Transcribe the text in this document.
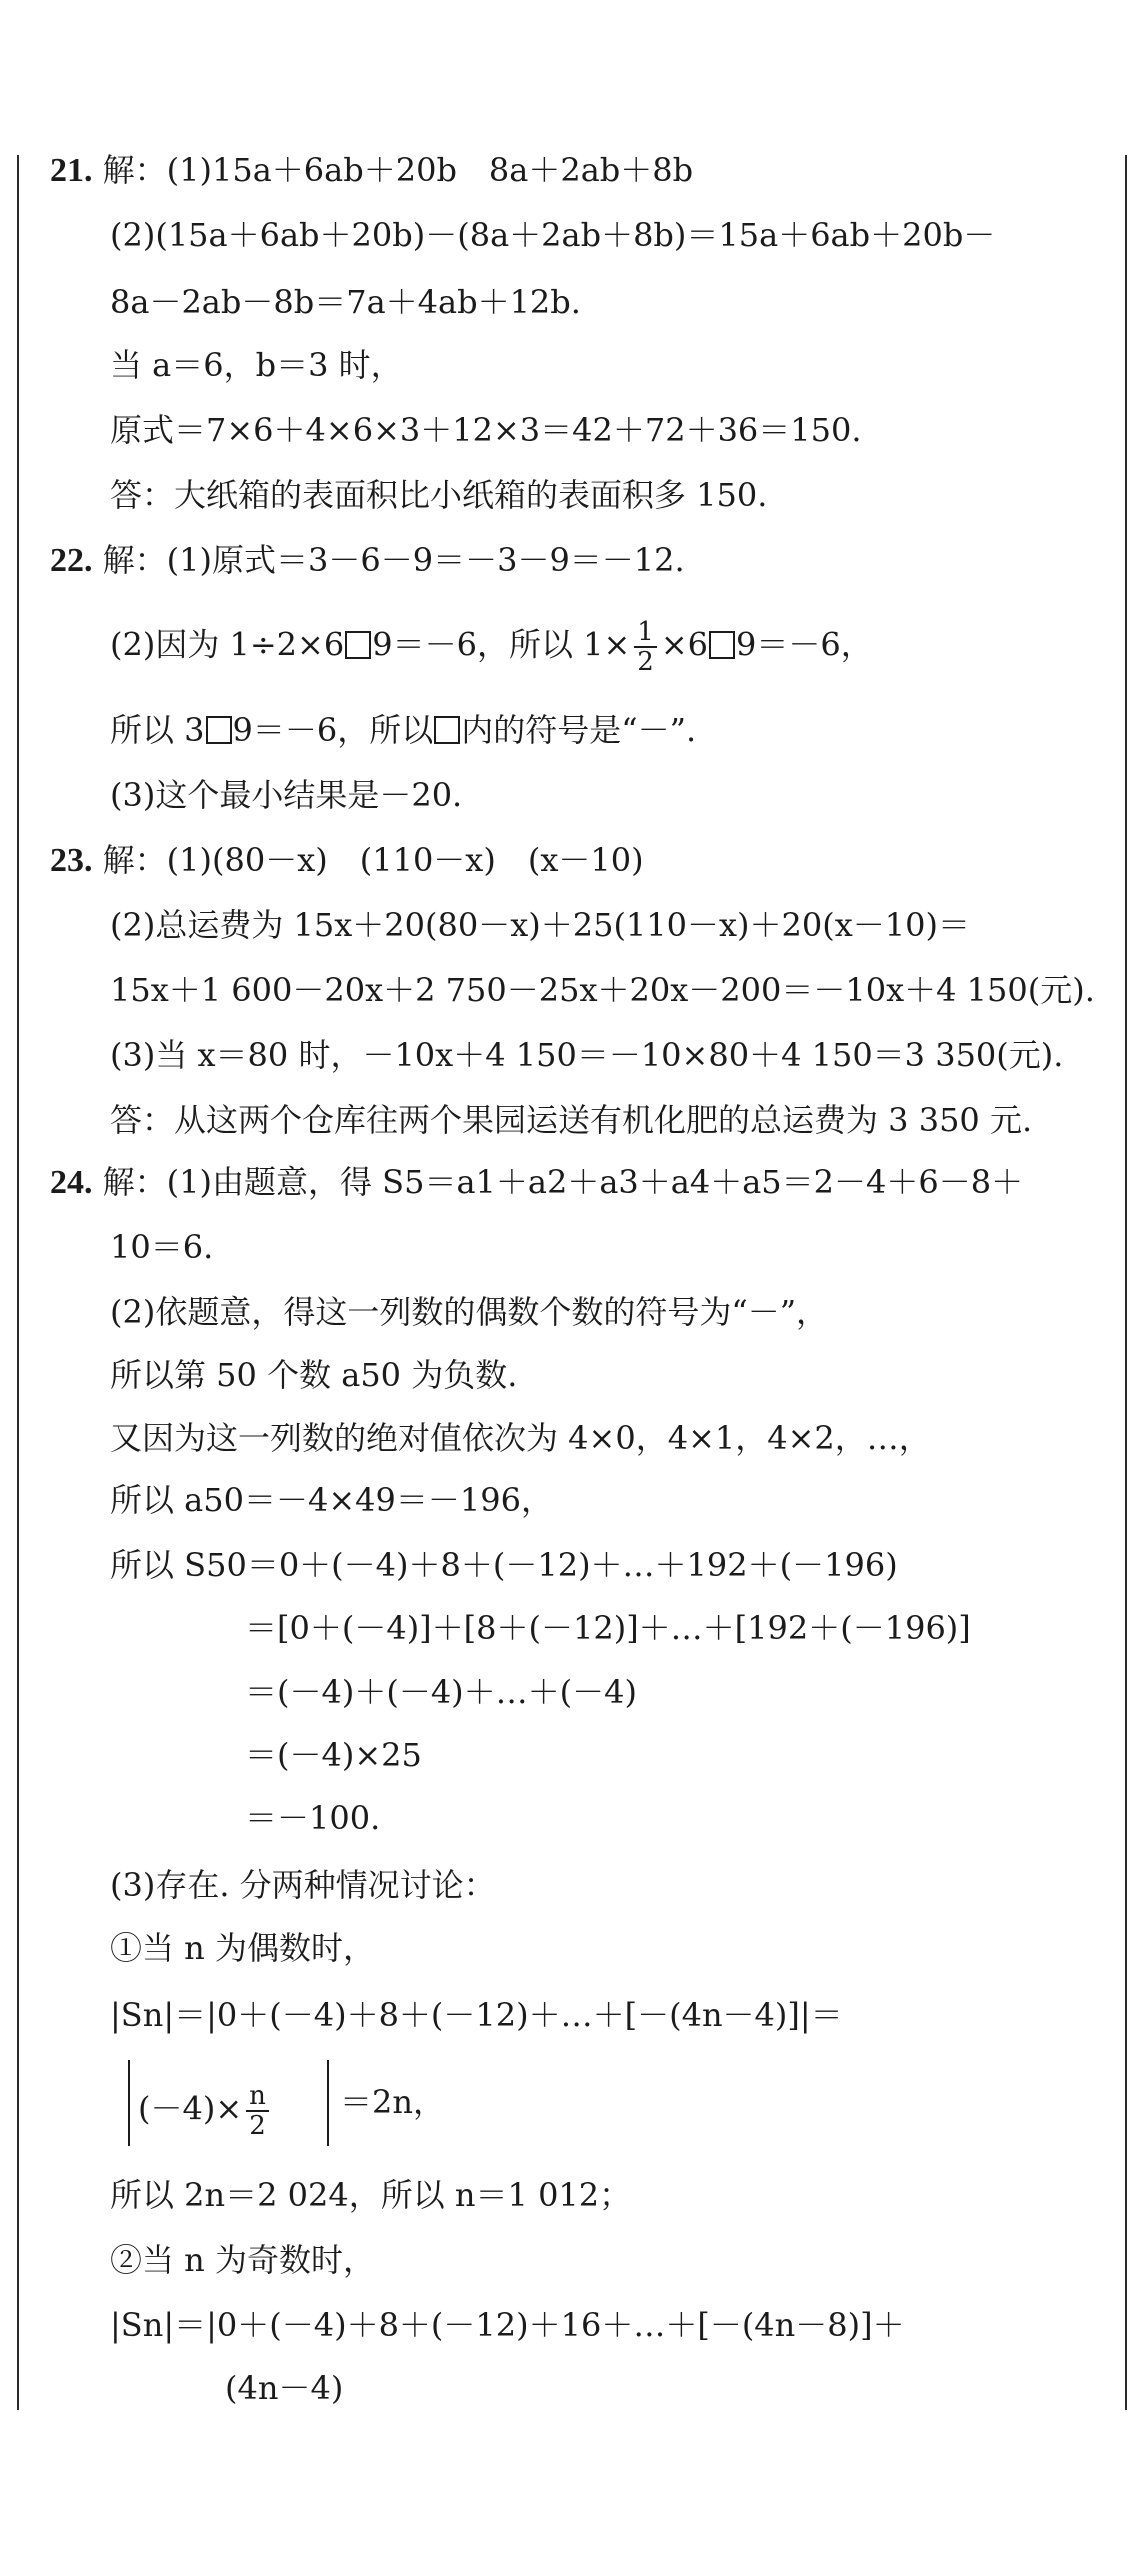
21. 解：(1)15a＋6ab＋20b　8a＋2ab＋8b
(2)(15a＋6ab＋20b)－(8a＋2ab＋8b)＝15a＋6ab＋20b－
8a－2ab－8b＝7a＋4ab＋12b.
当 a＝6，b＝3 时，
原式＝7×6＋4×6×3＋12×3＝42＋72＋36＝150.
答：大纸箱的表面积比小纸箱的表面积多 150.
22. 解：(1)原式＝3－6－9＝－3－9＝－12.
(2)因为 1÷2×6 9＝－6，所以 $1\times \frac{1}{2} \times 6$ 9＝－6，
所以 3 9＝－6，所以 内的符号是“－”.
(3)这个最小结果是－20.
23. 解：(1)(80－x)　(110－x)　(x－10)
(2)总运费为 15x＋20(80－x)＋25(110－x)＋20(x－10)＝
15x＋1 600－20x＋2 750－25x＋20x－200＝－10x＋4 150(元).
(3)当 x＝80 时，－10x＋4 150＝－10×80＋4 150＝3 350(元).
答：从这两个仓库往两个果园运送有机化肥的总运费为 3 350 元.
24. 解：(1)由题意，得 S5＝a1＋a2＋a3＋a4＋a5＝2－4＋6－8＋
10＝6.
(2)依题意，得这一列数的偶数个数的符号为“－”，
所以第 50 个数 a50 为负数.
又因为这一列数的绝对值依次为 4×0，4×1，4×2，…，
所以 a50＝－4×49＝－196，
所以 S50＝0＋(－4)＋8＋(－12)＋…＋192＋(－196)
＝[0＋(－4)]＋[8＋(－12)]＋…＋[192＋(－196)]
＝(－4)＋(－4)＋…＋(－4)
＝(－4)×25
＝－100.
(3)存在. 分两种情况讨论：
①当 n 为偶数时，
|Sn|＝|0＋(－4)＋8＋(－12)＋…＋[－(4n－4)]|＝
$(-4)\times \frac{n}{2} =2n$，
所以 2n＝2 024，所以 n＝1 012；
②当 n 为奇数时，
|Sn|＝|0＋(－4)＋8＋(－12)＋16＋…＋[－(4n－8)]＋
(4n－4)
